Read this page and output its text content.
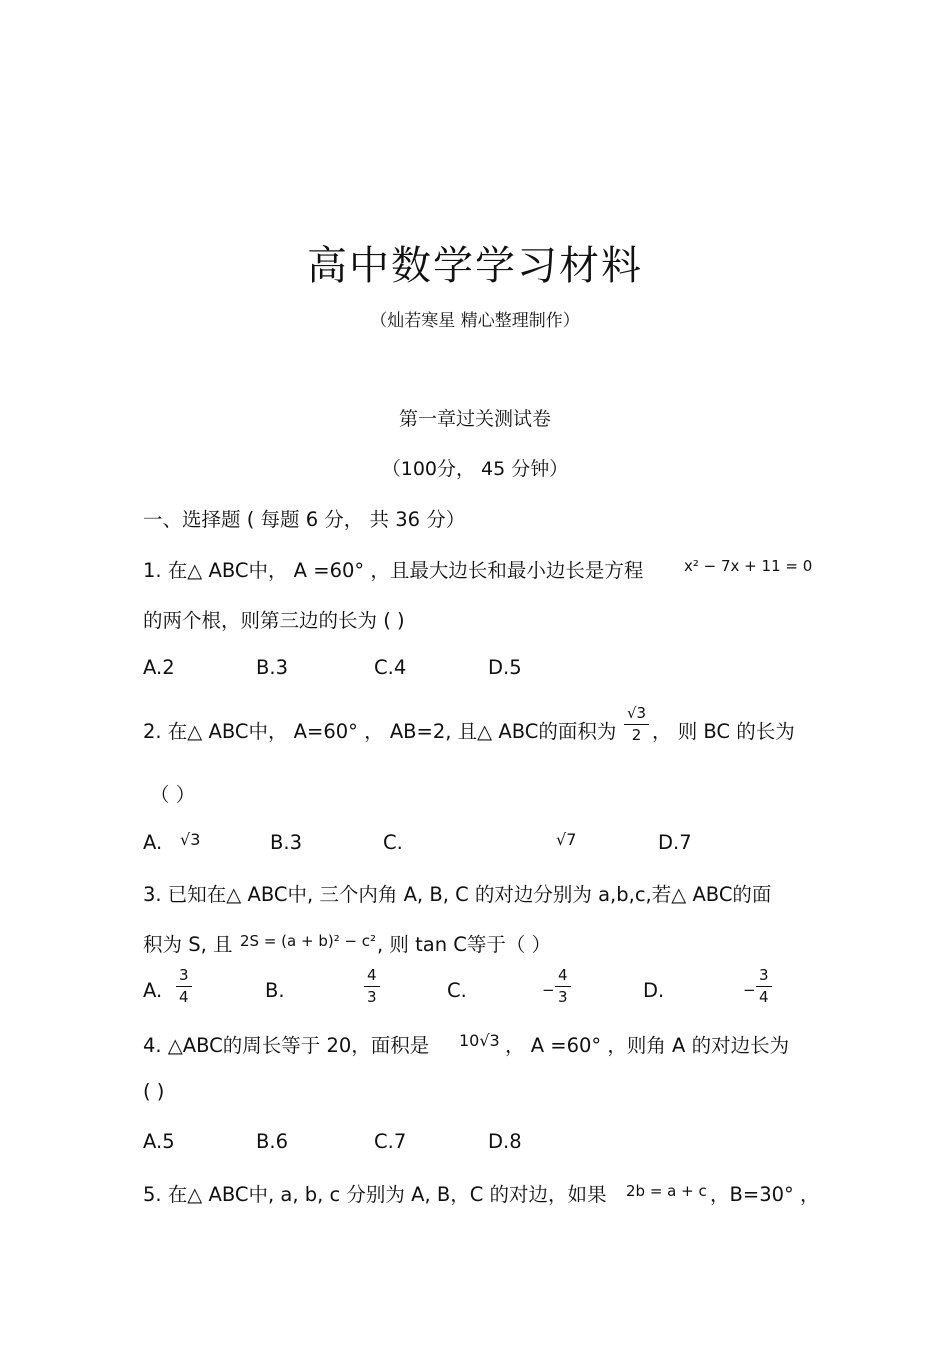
高中数学学习材料
（灿若寒星 精心整理制作）
第一章过关测试卷
（100分， 45 分钟）
一、选择题 ( 每题 6 分， 共 36 分）
1. 在△ ABC中， A =60° ，且最大边长和最小边长是方程	x² − 7x + 11 = 0
的两个根，则第三边的长为 ( )
A.2	B.3	C.4	D.5
2. 在△ ABC中， A=60° ， AB=2, 且△ ABC的面积为 $\frac{√3}{2}$ ， 则 BC 的长为
（ ）
A. √3	B.3	C.	√7	D.7
3. 已知在△ ABC中, 三个内角 A, B, C 的对边分别为 a,b,c,若△ ABC的面
积为 S, 且 2S = (a + b)² − c² , 则 tan C等于（ ）
A. $\frac{3}{4}$	B.	$\frac{4}{3}$	C.	− $\frac{4}{3}$	D.	− $\frac{3}{4}$
4. △ABC的周长等于 20，面积是 10√3 ， A =60° ，则角 A 的对边长为
( )
A.5	B.6	C.7	D.8
5. 在△ ABC中, a, b, c 分别为 A, B，C 的对边，如果 2b = a + c ，B=30° ，
